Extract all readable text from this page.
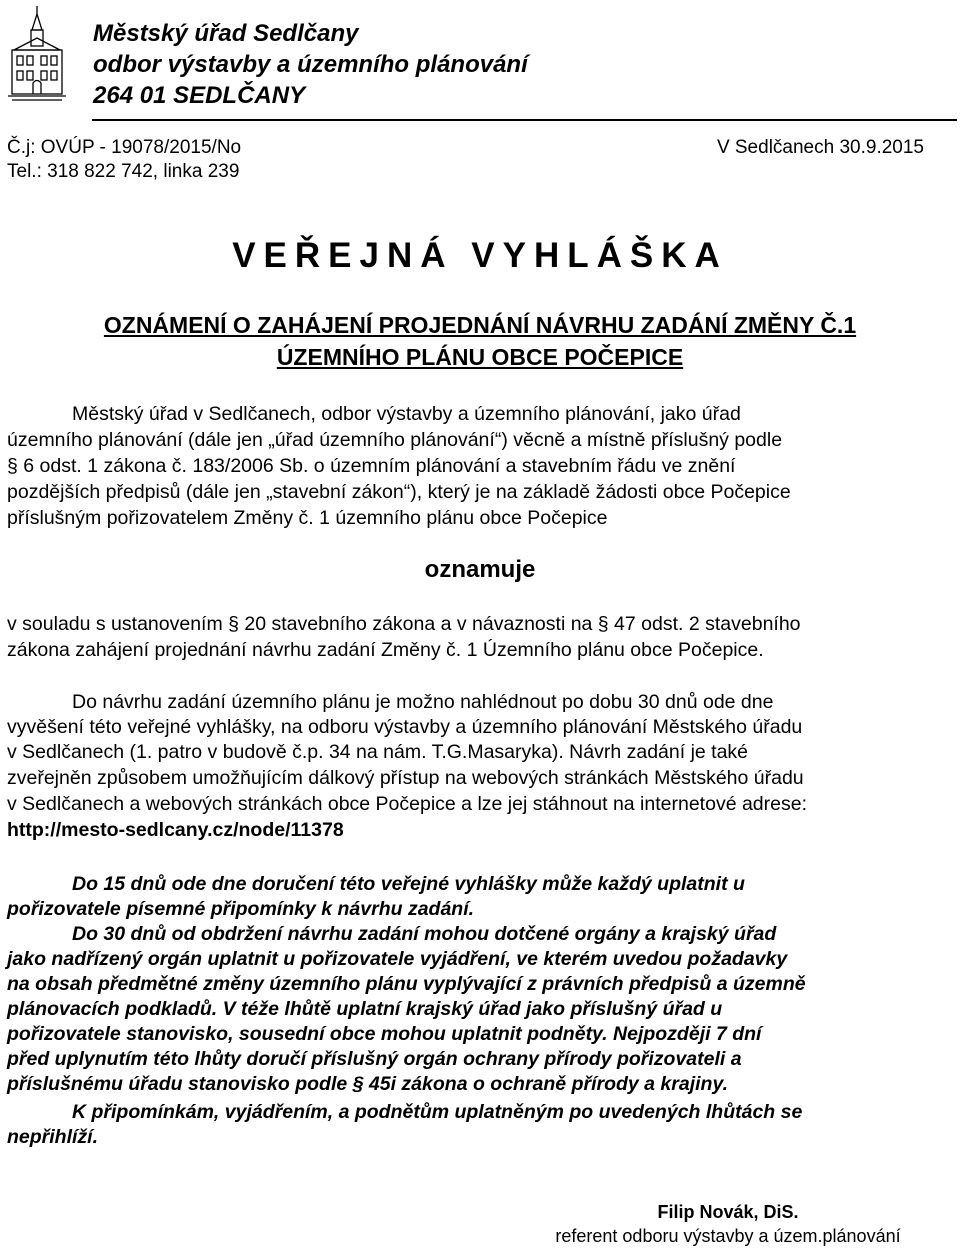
Městský úřad Sedlčany
odbor výstavby a územního plánování
264 01 SEDLČANY
Č.j: OVÚP - 19078/2015/No
Tel.: 318 822 742, linka 239
V Sedlčanech 30.9.2015
VEŘEJNÁ VYHLÁŠKA
OZNÁMENÍ O ZAHÁJENÍ PROJEDNÁNÍ NÁVRHU ZADÁNÍ ZMĚNY Č.1
ÚZEMNÍHO PLÁNU OBCE POČEPICE
Městský úřad v Sedlčanech, odbor výstavby a územního plánování, jako úřad
územního plánování (dále jen „úřad územního plánování“) věcně a místně příslušný podle
§ 6 odst. 1 zákona č. 183/2006 Sb. o územním plánování a stavebním řádu ve znění
pozdějších předpisů (dále jen „stavební zákon“), který je na základě žádosti obce Počepice
příslušným pořizovatelem Změny č. 1 územního plánu obce Počepice
oznamuje
v souladu s ustanovením § 20 stavebního zákona a v návaznosti na § 47 odst. 2 stavebního
zákona zahájení projednání návrhu zadání Změny č. 1 Územního plánu obce Počepice.
Do návrhu zadání územního plánu je možno nahlédnout po dobu 30 dnů ode dne
vyvěšení této veřejné vyhlášky, na odboru výstavby a územního plánování Městského úřadu
v Sedlčanech (1. patro v budově č.p. 34 na nám. T.G.Masaryka). Návrh zadání je také
zveřejněn způsobem umožňujícím dálkový přístup na webových stránkách Městského úřadu
v Sedlčanech a webových stránkách obce Počepice a lze jej stáhnout na internetové adrese:
http://mesto-sedlcany.cz/node/11378
Do 15 dnů ode dne doručení této veřejné vyhlášky může každý uplatnit u
pořizovatele písemné připomínky k návrhu zadání.
Do 30 dnů od obdržení návrhu zadání mohou dotčené orgány a krajský úřad
jako nadřízený orgán uplatnit u pořizovatele vyjádření, ve kterém uvedou požadavky
na obsah předmětné změny územního plánu vyplývající z právních předpisů a územně
plánovacích podkladů. V téže lhůtě uplatní krajský úřad jako příslušný úřad u
pořizovatele stanovisko, sousední obce mohou uplatnit podněty. Nejpozději 7 dní
před uplynutím této lhůty doručí příslušný orgán ochrany přírody pořizovateli a
příslušnému úřadu stanovisko podle § 45i zákona o ochraně přírody a krajiny.
K připomínkám, vyjádřením, a podnětům uplatněným po uvedených lhůtách se
nepřihlíží.
Filip Novák, DiS.
referent odboru výstavby a územ.plánování
